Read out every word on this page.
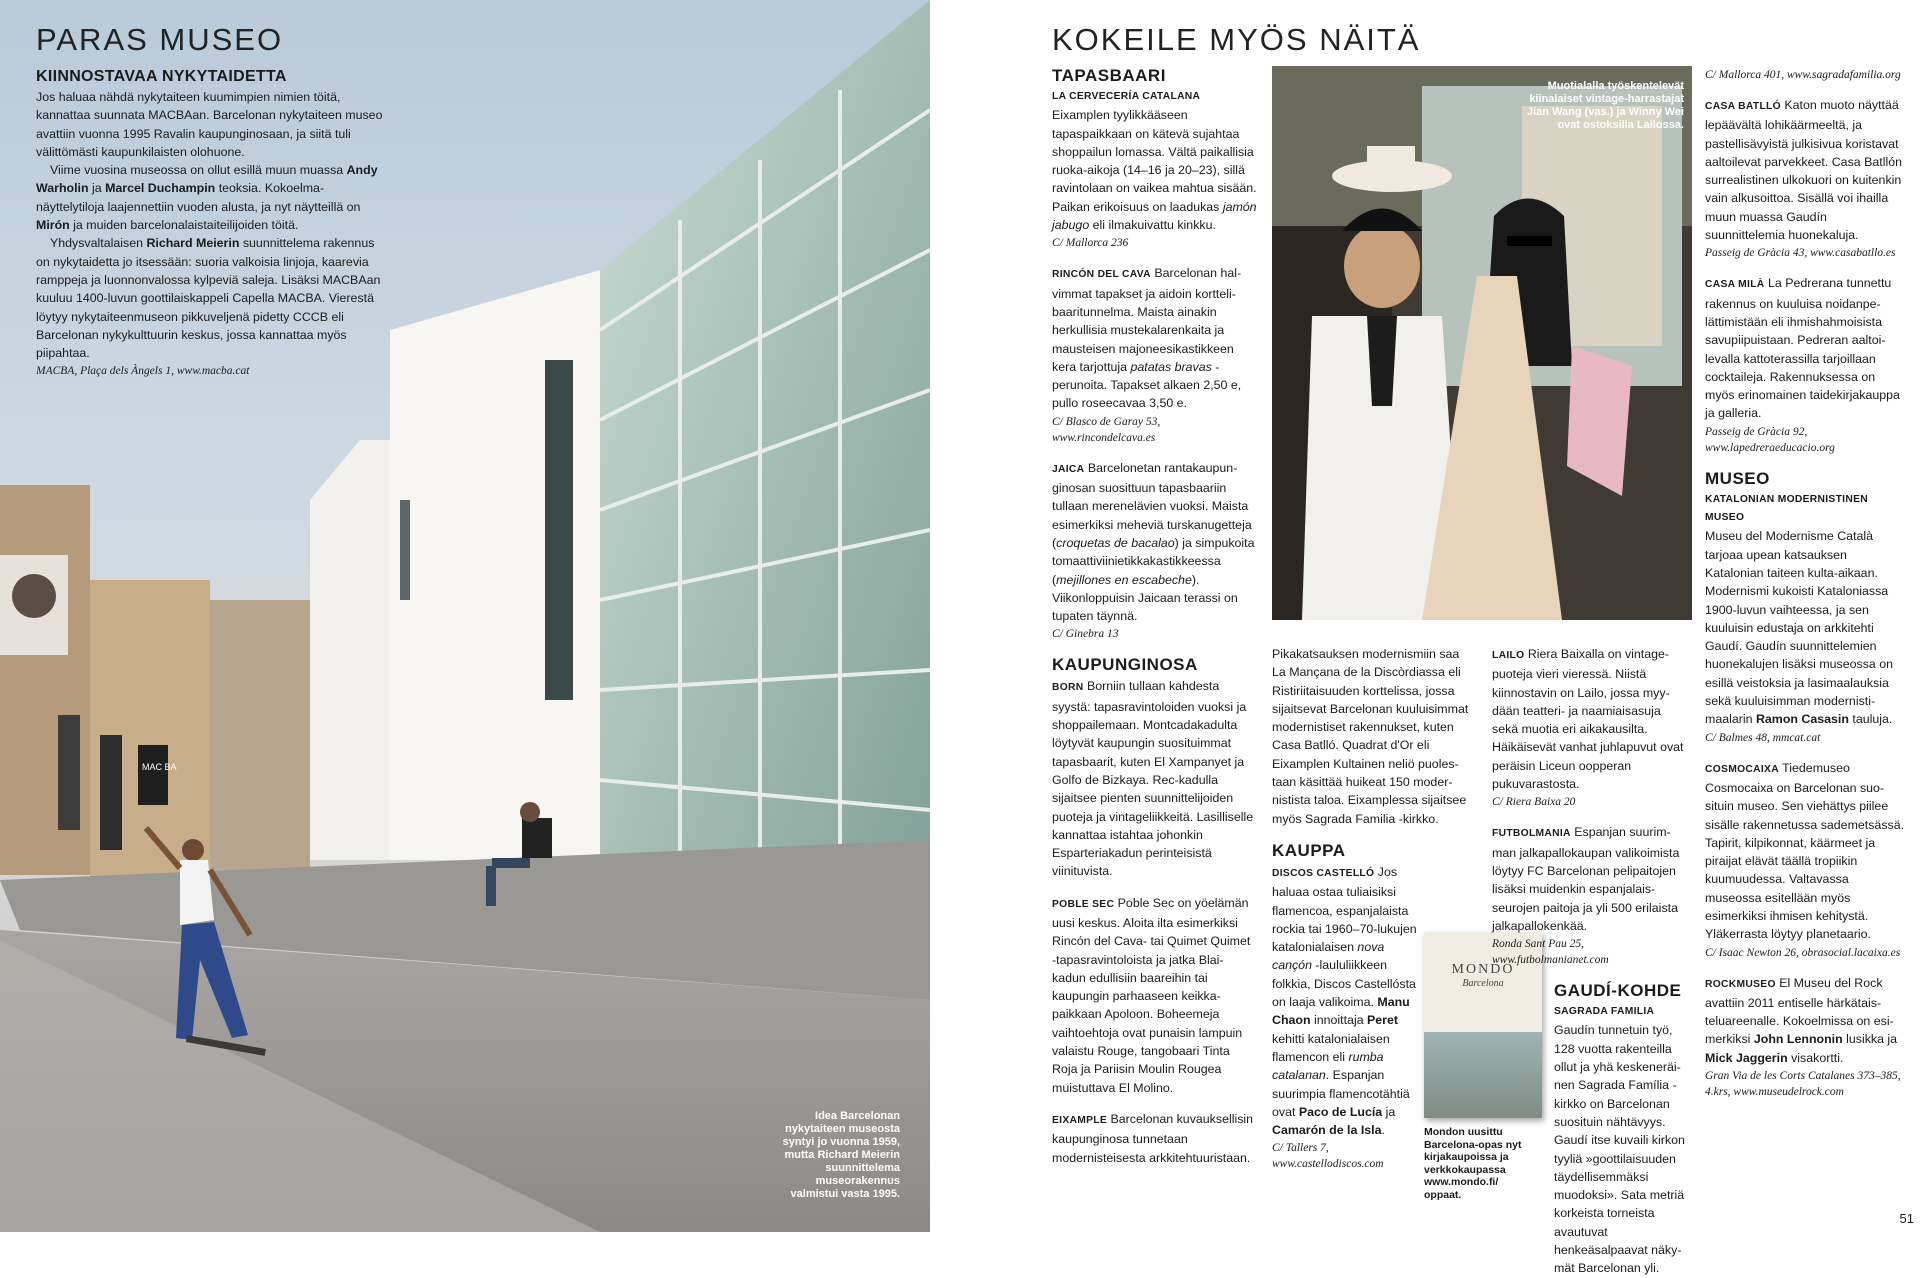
MAC BA
PARAS MUSEO
KIINNOSTAVAA NYKYTAIDETTA

Jos haluaa nähdä nykytaiteen kuumimpien nimien töitä, kannattaa suunnata MACBAan. Barcelonan nykytaiteen museo avattiin vuonna 1995 Ravalin kaupunginosaan, ja siitä tuli välittömästi kaupunkilaisten olohuone.

Viime vuosina museossa on ollut esillä muun muassa Andy Warholin ja Marcel Duchampin teoksia. Kokoelmanäyttelytiloja laajennettiin vuoden alusta, ja nyt näytteillä on Mirón ja muiden barcelonalaistaiteilijoiden töitä.

Yhdysvaltalaisen Richard Meierin suunnittelema rakennus on nykytaidetta jo itsessään: suoria valkoisia linjoja, kaarevia ramppeja ja luonnonvalossa kylpeviä saleja. Lisäksi MACBAan kuuluu 1400-luvun goottilaiskappeli Capella MACBA. Vierestä löytyy nykytaiteenmuseon pikkuveljenä pidetty CCCB eli Barcelonan nykykulttuurin keskus, jossa kannattaa myös piipahtaa.

MACBA, Plaça dels Àngels 1, www.macba.cat

Idea Barcelonan nykytaiteen museosta syntyi jo vuonna 1959, mutta Richard Meierin suunnittelema museorakennus valmistui vasta 1995.
KOKEILE MYÖS NÄITÄ
Muotialalla työskentelevät kiinalaiset vintage-harrastajat Jian Wang (vas.) ja Winny Wei ovat ostoksilla Lailossa.
TAPASBAARI
LA CERVECERÍA CATALANA
Eixamplen tyylikkääseen tapaspaikkaan on kätevä sujahtaa shoppailun lomassa. Vältä paikallisia ruoka-aikoja (14–16 ja 20–23), sillä ravintolaan on vaikea mahtua sisään. Paikan erikoisuus on laadukas jamón jabugo eli ilmakuivattu kinkku.
C/ Mallorca 236
RINCÓN DEL CAVA Barcelonan halvimmat tapakset ja aidoin korttelibaaritunnelma. Maista ainakin herkullisia mustekalarenkaita ja mausteisen majoneesikastikkeen kera tarjottuja patatas bravas -perunoita. Tapakset alkaen 2,50 e, pullo roseecavaa 3,50 e.
C/ Blasco de Garay 53, www.rincondelcava.es
JAICA Barcelonetan rantakaupunginosan suosittuun tapasbaariin tullaan merenelävien vuoksi. Maista esimerkiksi meheviä turskanugetteja (croquetas de bacalao) ja simpukoita tomaattiviinietikkakastikkeessa (mejillones en escabeche). Viikonloppuisin Jaicaan terassi on tupaten täynnä.
C/ Ginebra 13
KAUPUNGINOSA
BORN Borniin tullaan kahdesta syystä: tapasravintoloiden vuoksi ja shoppailemaan. Montcadakadulta löytyvät kaupungin suosituimmat tapasbaarit, kuten El Xampanyet ja Golfo de Bizkaya. Rec-kadulla sijaitsee pienten suunnittelijoiden puoteja ja vintageliikkeitä. Lasilliselle kannattaa istahtaa johonkin Esparteriakadun perinteisistä viinituvista.
POBLE SEC Poble Sec on yöelämän uusi keskus. Aloita ilta esimerkiksi Rincón del Cava- tai Quimet Quimet -tapasravintoloista ja jatka Blai-kadun edullisiin baareihin tai kaupungin parhaaseen keikkapaikkaan Apoloon. Boheemeja vaihtoehtoja ovat punaisin lampuin valaistu Rouge, tangobaari Tinta Roja ja Pariisin Moulin Rougea muistuttava El Molino.
EIXAMPLE Barcelonan kuvauksellisin kaupunginosa tunnetaan modernisteisesta arkkitehtuuristaan.
Pikakatsauksen modernismiin saa La Mançana de la Discòrdiassa eli Ristiriitaisuuden korttelissa, jossa sijaitsevat Barcelonan kuuluisimmat modernistiset rakennukset, kuten Casa Batlló. Quadrat d'Or eli Eixamplen Kultainen neliö puolestaan käsittää huikeat 150 modernistista taloa. Eixamplessa sijaitsee myös Sagrada Familia -kirkko.
KAUPPA
DISCOS CASTELLÓ Jos haluaa ostaa tuliaisiksi flamencoa, espanjalaista rockia tai 1960–70-lukujen katalonialaisen nova cançón -laululiikkeen folkkia, Discos Castellósta on laaja valikoima. Manu Chaon innoittaja Peret kehitti katalonialaisen flamencon eli rumba catalanan. Espanjan suurimpia flamencotähtiä ovat Paco de Lucía ja Camarón de la Isla.
C/ Tallers 7, www.castellodiscos.com
MONDO
Barcelona
Mondon uusittu Barcelona-opas nyt kirjakaupoissa ja verkkokaupassa www.mondo.fi/ oppaat.
LAILO Riera Baixalla on vintagepuoteja vieri vieressä. Niistä kiinnostavin on Lailo, jossa myydään teatteri- ja naamiaisasuja sekä muotia eri aikakausilta. Häikäisevät vanhat juhlapuvut ovat peräisin Liceun oopperan pukuvarastosta.
C/ Riera Baixa 20
FUTBOLMANIA Espanjan suurimman jalkapallokaupan valikoimista löytyy FC Barcelonan pelipaitojen lisäksi muidenkin espanjalaisseurojen paitoja ja yli 500 erilaista jalkapallokenkää.
Ronda Sant Pau 25, www.futbolmanianet.com
GAUDÍ-KOHDE
SAGRADA FAMILIA
Gaudín tunnetuin työ, 128 vuotta rakenteilla ollut ja yhä keskeneräinen Sagrada Família -kirkko on Barcelonan suosituin nähtävyys. Gaudí itse kuvaili kirkon tyyliä »goottilaisuuden täydellisemmäksi muodoksi». Sata metriä korkeista torneista avautuvat henkeäsalpaavat näkymät Barcelonan yli.
C/ Mallorca 401, www.sagradafamilia.org
CASA BATLLÓ Katon muoto näyttää lepäävältä lohikäärmeeltä, ja pastellisävyistä julkisivua koristavat aaltoilevat parvekkeet. Casa Batllón surrealistinen ulkokuori on kuitenkin vain alkusoittoa. Sisällä voi ihailla muun muassa Gaudín suunnittelemia huonekaluja.
Passeig de Gràcia 43, www.casabatllo.es
CASA MILÀ La Pedrerana tunnettu rakennus on kuuluisa noidanpelättimistään eli ihmishahmoisista savupiipuistaan. Pedreran aaltoilevalla kattoterassilla tarjoillaan cocktaileja. Rakennuksessa on myös erinomainen taidekirjakauppa ja galleria.
Passeig de Gràcia 92, www.lapedreraeducacio.org
MUSEO
KATALONIAN MODERNISTINEN MUSEO
Museu del Modernisme Català tarjoaa upean katsauksen Katalonian taiteen kulta-aikaan. Modernismi kukoisti Kataloniassa 1900-luvun vaihteessa, ja sen kuuluisin edustaja on arkkitehti Gaudí. Gaudín suunnittelemien huonekalujen lisäksi museossa on esillä veistoksia ja lasimaalauksia sekä kuuluisimman modernistimaalarin Ramon Casasin tauluja.
C/ Balmes 48, mmcat.cat
COSMOCAIXA Tiedemuseo Cosmocaixa on Barcelonan suosituin museo. Sen viehättys piilee sisälle rakennetussa sademetsässä. Tapirit, kilpikonnat, käärmeet ja piraijat elävät täällä tropiikin kuumuudessa. Valtavassa museossa esitellään myös esimerkiksi ihmisen kehitystä. Yläkerrasta löytyy planetaario.
C/ Isaac Newton 26, obrasocial.lacaixa.es
ROCKMUSEO El Museu del Rock avattiin 2011 entiselle härkätaisteluareenalle. Kokoelmissa on esimerkiksi John Lennonin lusikka ja Mick Jaggerin visakortti.
Gran Via de les Corts Catalanes 373–385, 4.krs, www.museudelrock.com
51
